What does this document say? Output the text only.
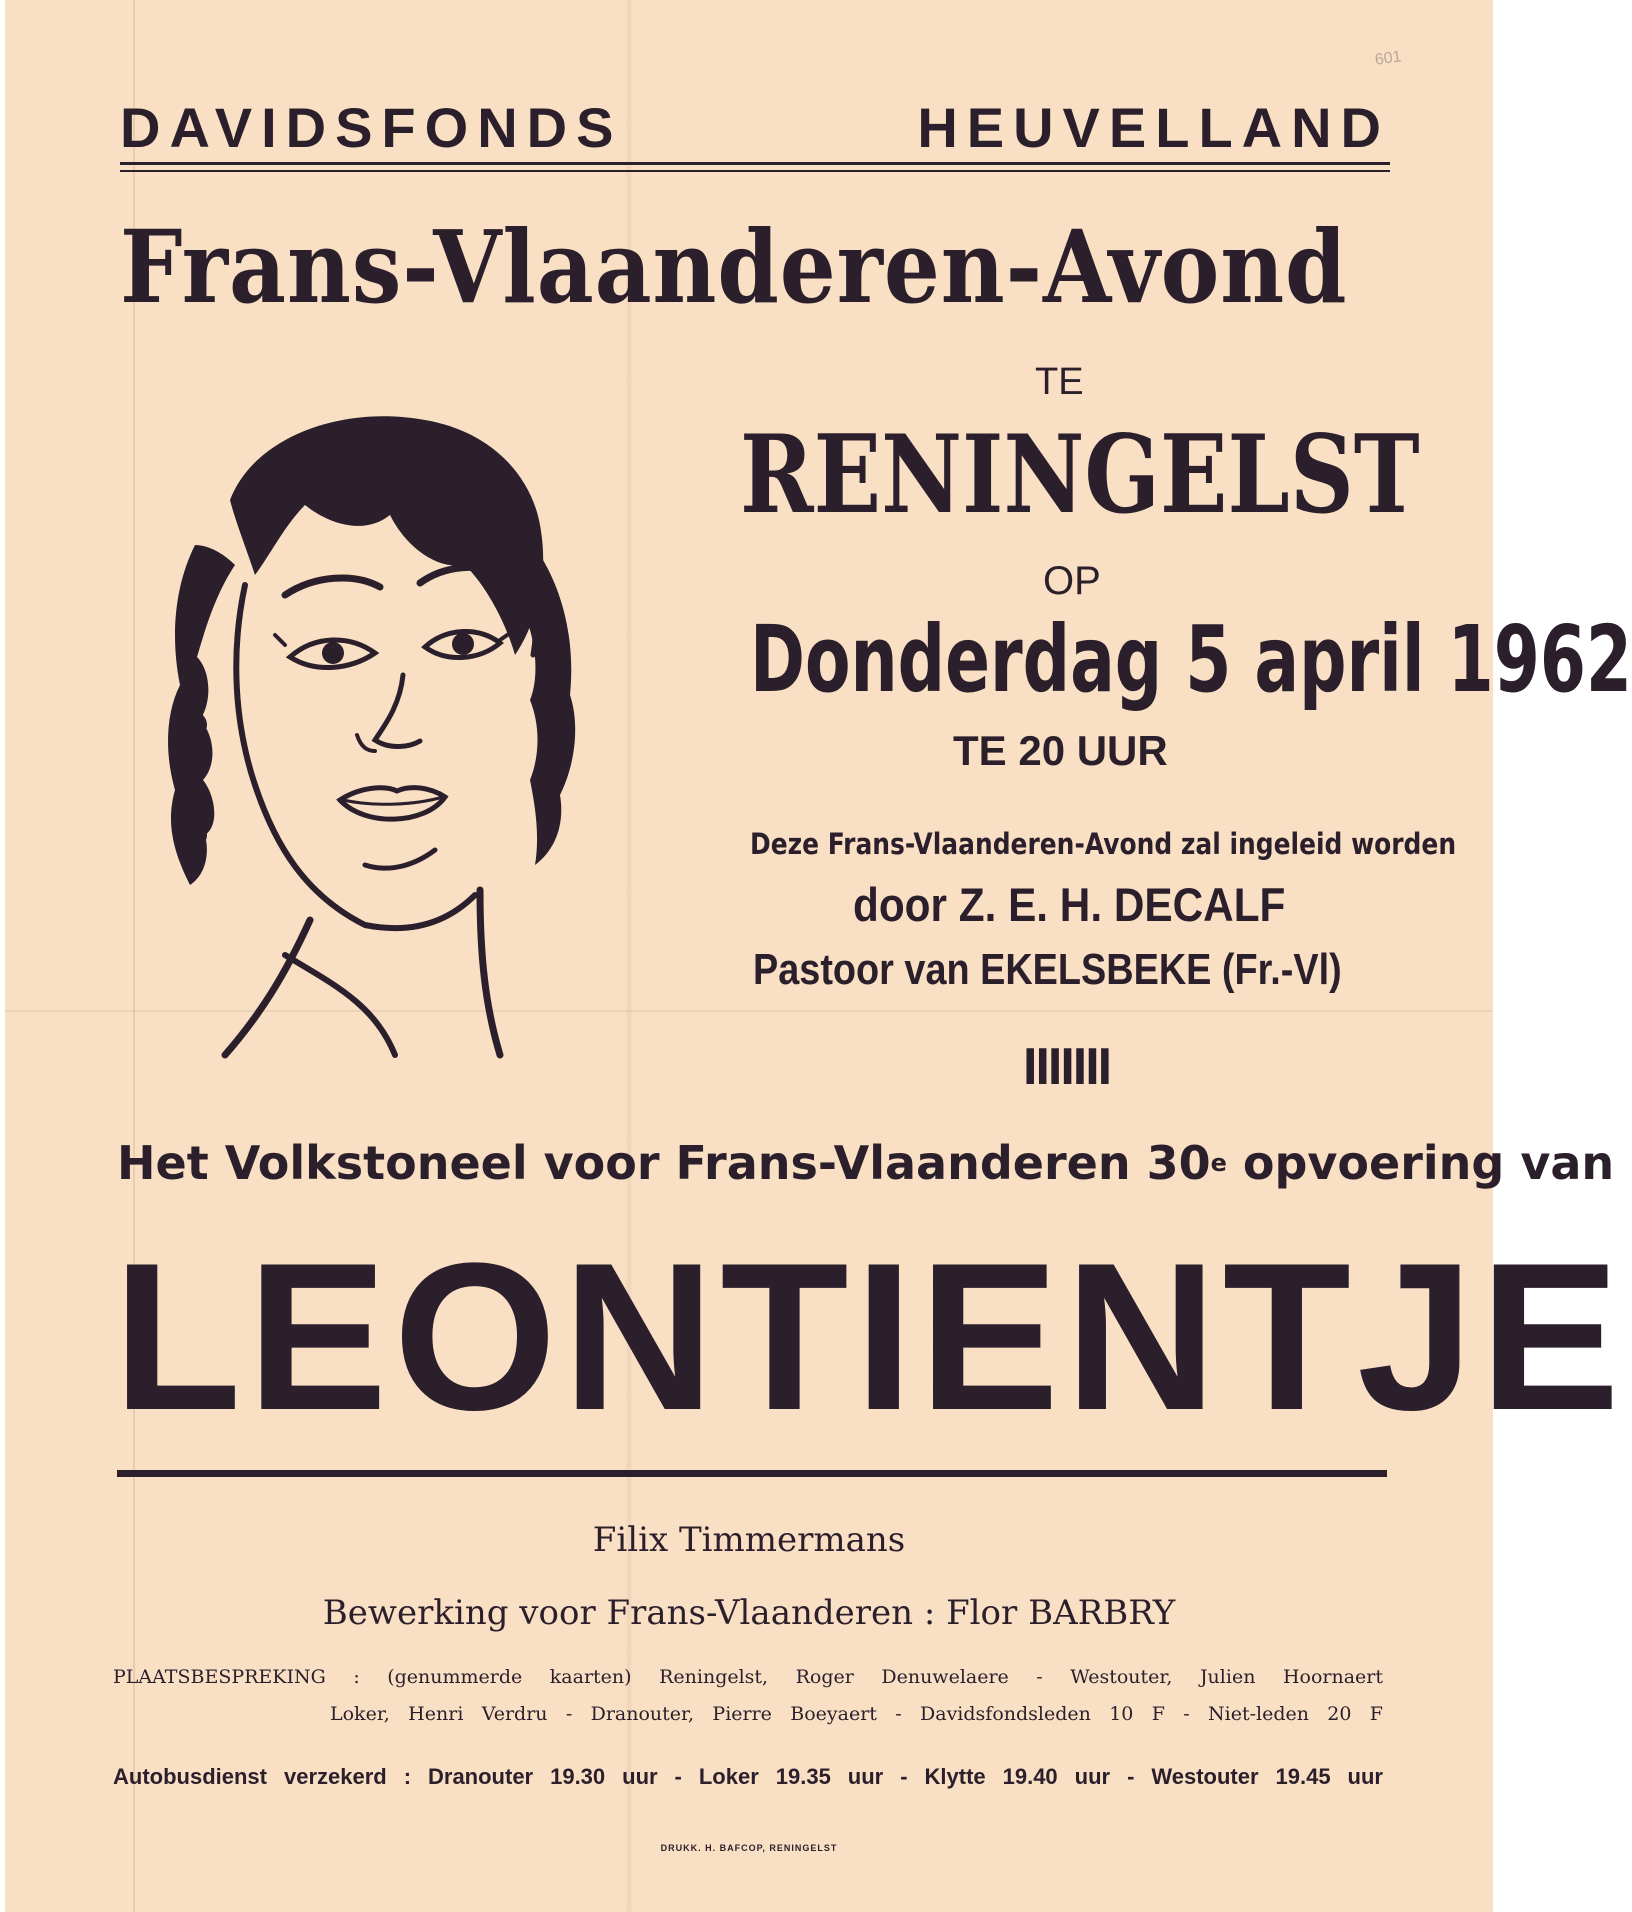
601
DAVIDSFONDS HEUVELLAND
Frans-Vlaanderen-Avond
TE
RENINGELST
OP
Donderdag 5 april 1962
TE 20 UUR
Deze Frans-Vlaanderen-Avond zal ingeleid worden
door Z. E. H. DECALF
Pastoor van EKELSBEKE (Fr.-Vl)
IIIIIII
Het Volkstoneel voor Frans-Vlaanderen 30e opvoering van
LEONTIENTJE
Filix Timmermans
Bewerking voor Frans-Vlaanderen : Flor BARBRY
PLAATSBESPREKING : (genummerde kaarten) Reningelst, Roger Denuwelaere - Westouter, Julien Hoornaert
Loker, Henri Verdru - Dranouter, Pierre Boeyaert - Davidsfondsleden 10 F - Niet-leden 20 F
Autobusdienst verzekerd : Dranouter 19.30 uur - Loker 19.35 uur - Klytte 19.40 uur - Westouter 19.45 uur
DRUKK. H. BAFCOP, RENINGELST
